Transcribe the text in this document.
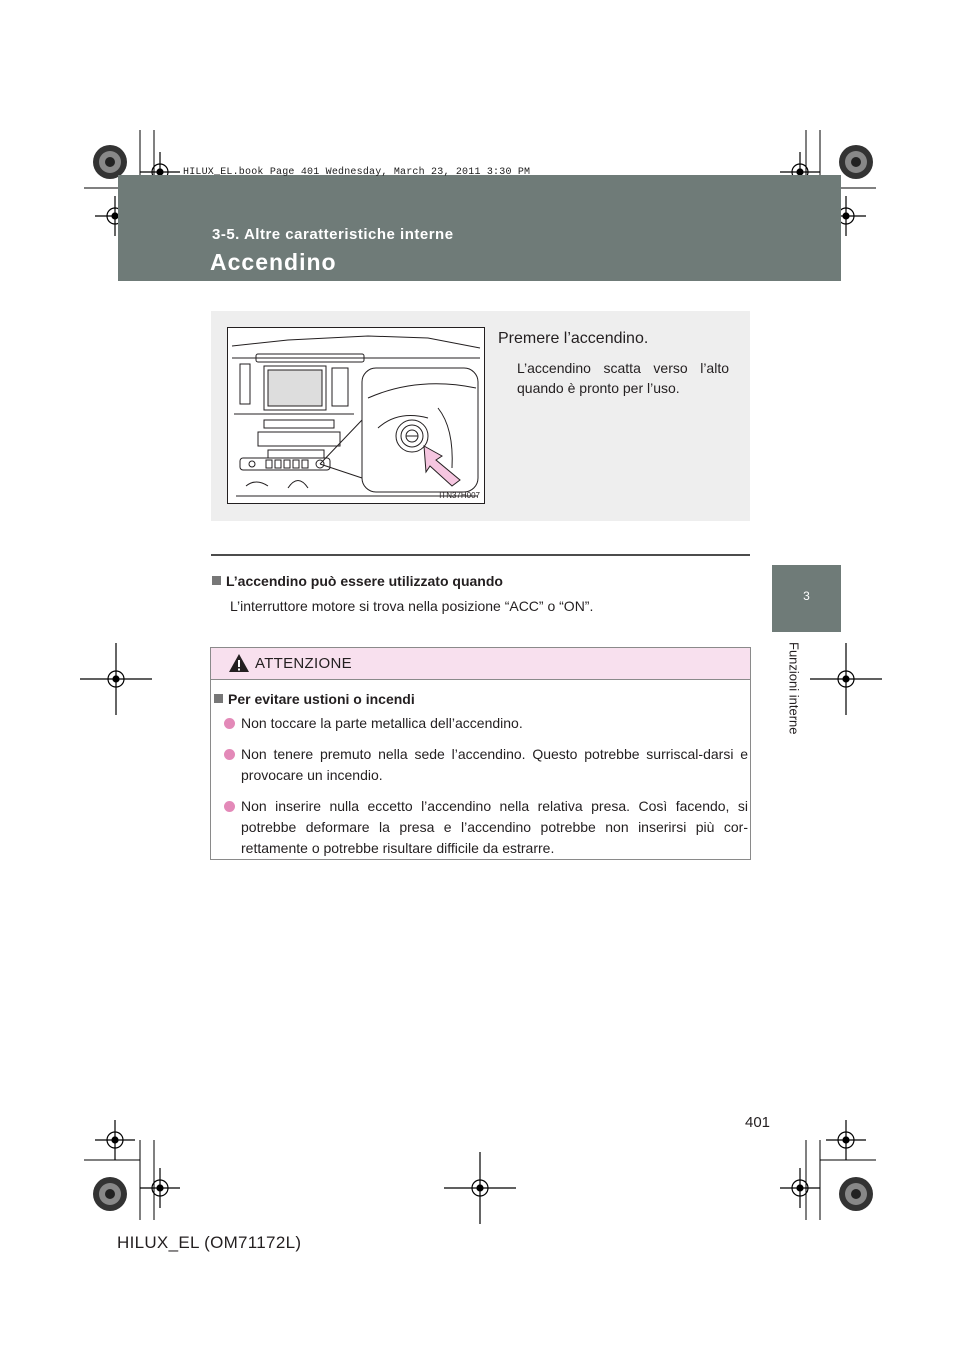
HILUX_EL.book Page 401 Wednesday, March 23, 2011 3:30 PM
3-5. Altre caratteristiche interne
Accendino
3
Funzioni interne
ITN37H007
Premere l’accendino.
L’accendino scatta verso l’alto quando è pronto per l’uso.
L’accendino può essere utilizzato quando
L’interruttore motore si trova nella posizione “ACC” o “ON”.
ATTENZIONE
Per evitare ustioni o incendi
Non toccare la parte metallica dell’accendino.
Non tenere premuto nella sede l’accendino. Questo potrebbe surriscal-darsi e provocare un incendio.
Non inserire nulla eccetto l’accendino nella relativa presa. Così facendo, si potrebbe deformare la presa e l’accendino potrebbe non inserirsi più cor-rettamente o potrebbe risultare difficile da estrarre.
401
HILUX_EL (OM71172L)
